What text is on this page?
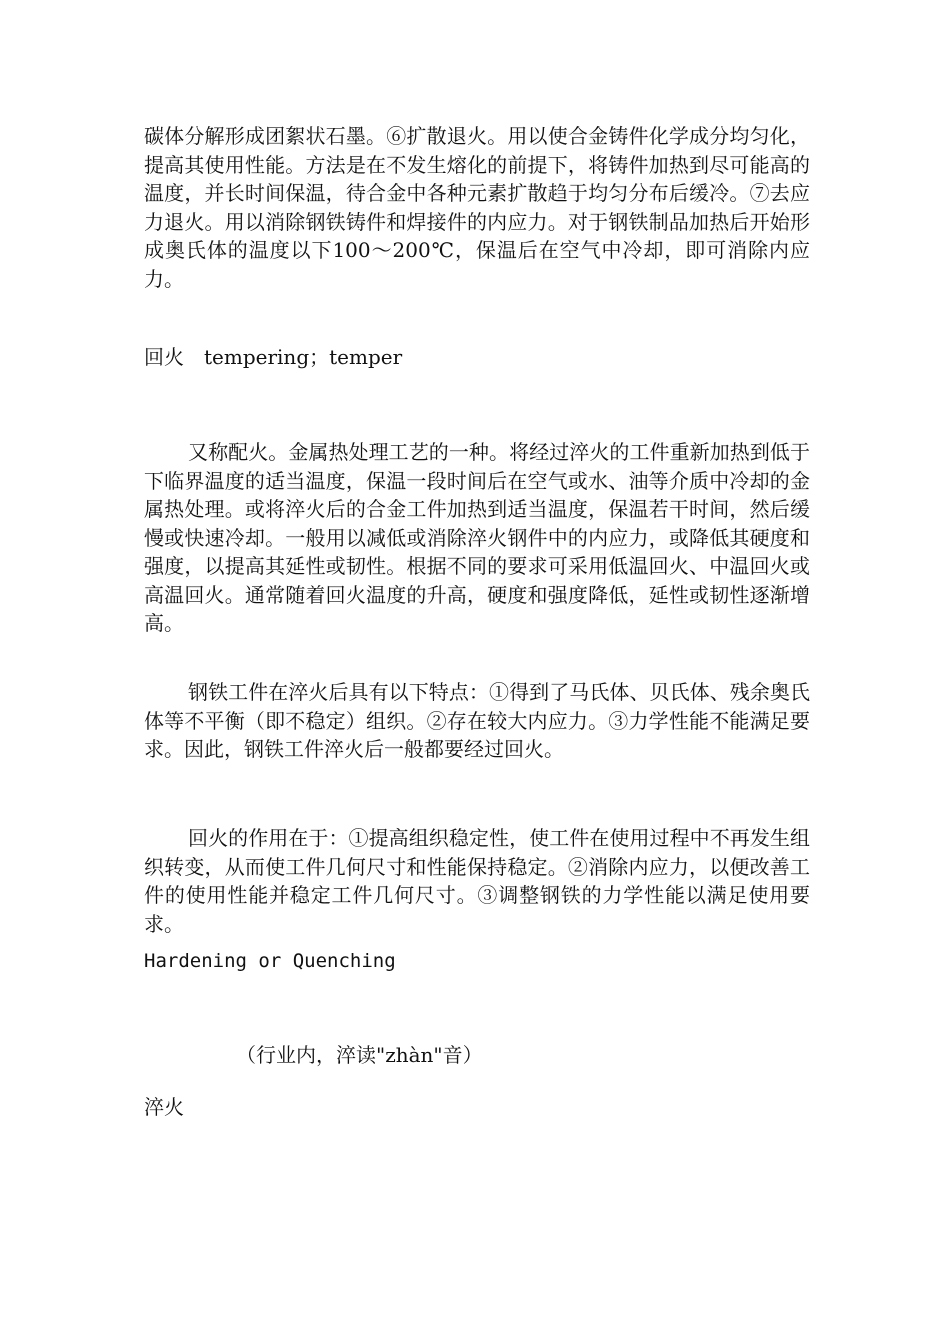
碳体分解形成团絮状石墨。⑥扩散退火。用以使合金铸件化学成分均匀化，提高其使用性能。方法是在不发生熔化的前提下，将铸件加热到尽可能高的温度，并长时间保温，待合金中各种元素扩散趋于均匀分布后缓冷。⑦去应力退火。用以消除钢铁铸件和焊接件的内应力。对于钢铁制品加热后开始形成奥氏体的温度以下100～200℃，保温后在空气中冷却，即可消除内应力。

回火　tempering；temper

又称配火。金属热处理工艺的一种。将经过淬火的工件重新加热到低于下临界温度的适当温度，保温一段时间后在空气或水、油等介质中冷却的金属热处理。或将淬火后的合金工件加热到适当温度，保温若干时间，然后缓慢或快速冷却。一般用以减低或消除淬火钢件中的内应力，或降低其硬度和强度，以提高其延性或韧性。根据不同的要求可采用低温回火、中温回火或高温回火。通常随着回火温度的升高，硬度和强度降低，延性或韧性逐渐增高。

钢铁工件在淬火后具有以下特点：①得到了马氏体、贝氏体、残余奥氏体等不平衡（即不稳定）组织。②存在较大内应力。③力学性能不能满足要求。因此，钢铁工件淬火后一般都要经过回火。

回火的作用在于：①提高组织稳定性，使工件在使用过程中不再发生组织转变，从而使工件几何尺寸和性能保持稳定。②消除内应力，以便改善工件的使用性能并稳定工件几何尺寸。③调整钢铁的力学性能以满足使用要求。

Hardening or Quenching

（行业内，淬读"zhàn"音）

淬火
